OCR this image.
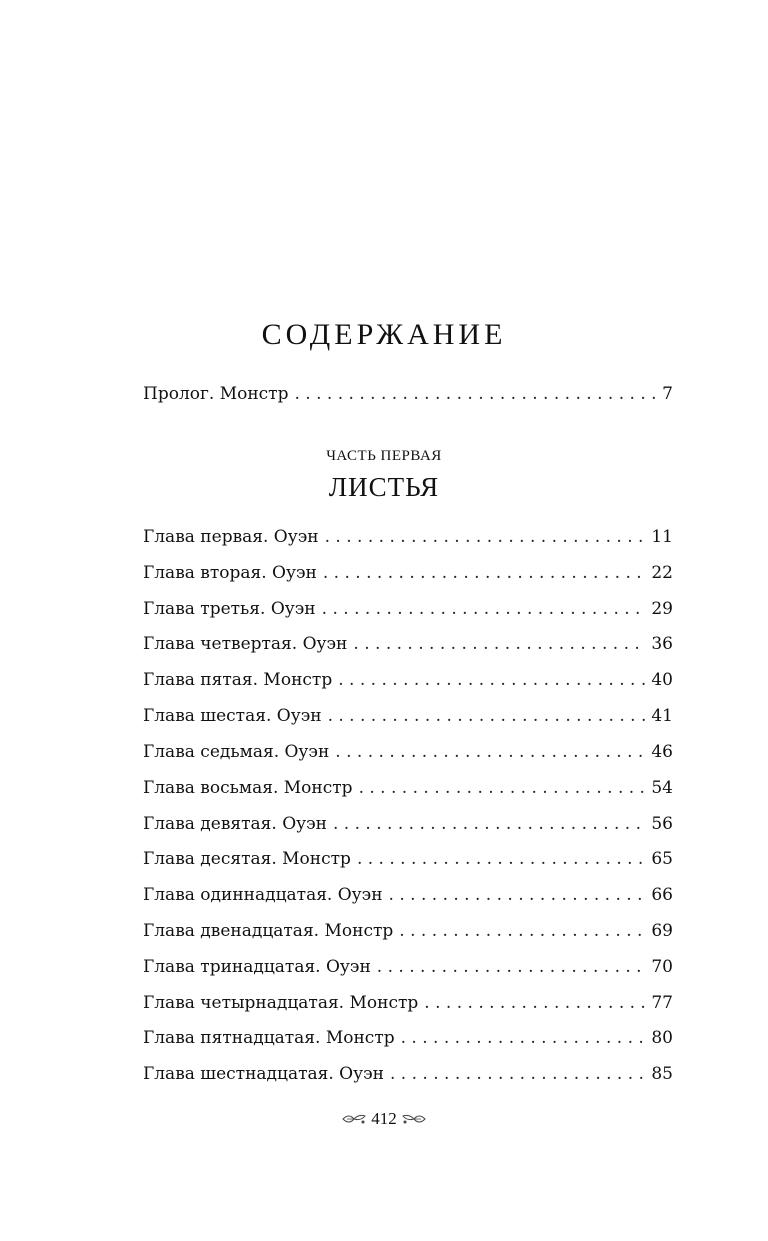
СОДЕРЖАНИЕ
Пролог. Монстр . . .	7
ЧАСТЬ ПЕРВАЯ
ЛИСТЬЯ
Глава первая. Оуэн . . .	11
Глава вторая. Оуэн . . .	22
Глава третья. Оуэн . . .	29
Глава четвертая. Оуэн . . .	36
Глава пятая. Монстр . . .	40
Глава шестая. Оуэн . . .	41
Глава седьмая. Оуэн . . .	46
Глава восьмая. Монстр . . .	54
Глава девятая. Оуэн . . .	56
Глава десятая. Монстр . . .	65
Глава одиннадцатая. Оуэн . . .	66
Глава двенадцатая. Монстр . . .	69
Глава тринадцатая. Оуэн . . .	70
Глава четырнадцатая. Монстр . . .	77
Глава пятнадцатая. Монстр . . .	80
Глава шестнадцатая. Оуэн . . .	85
412
